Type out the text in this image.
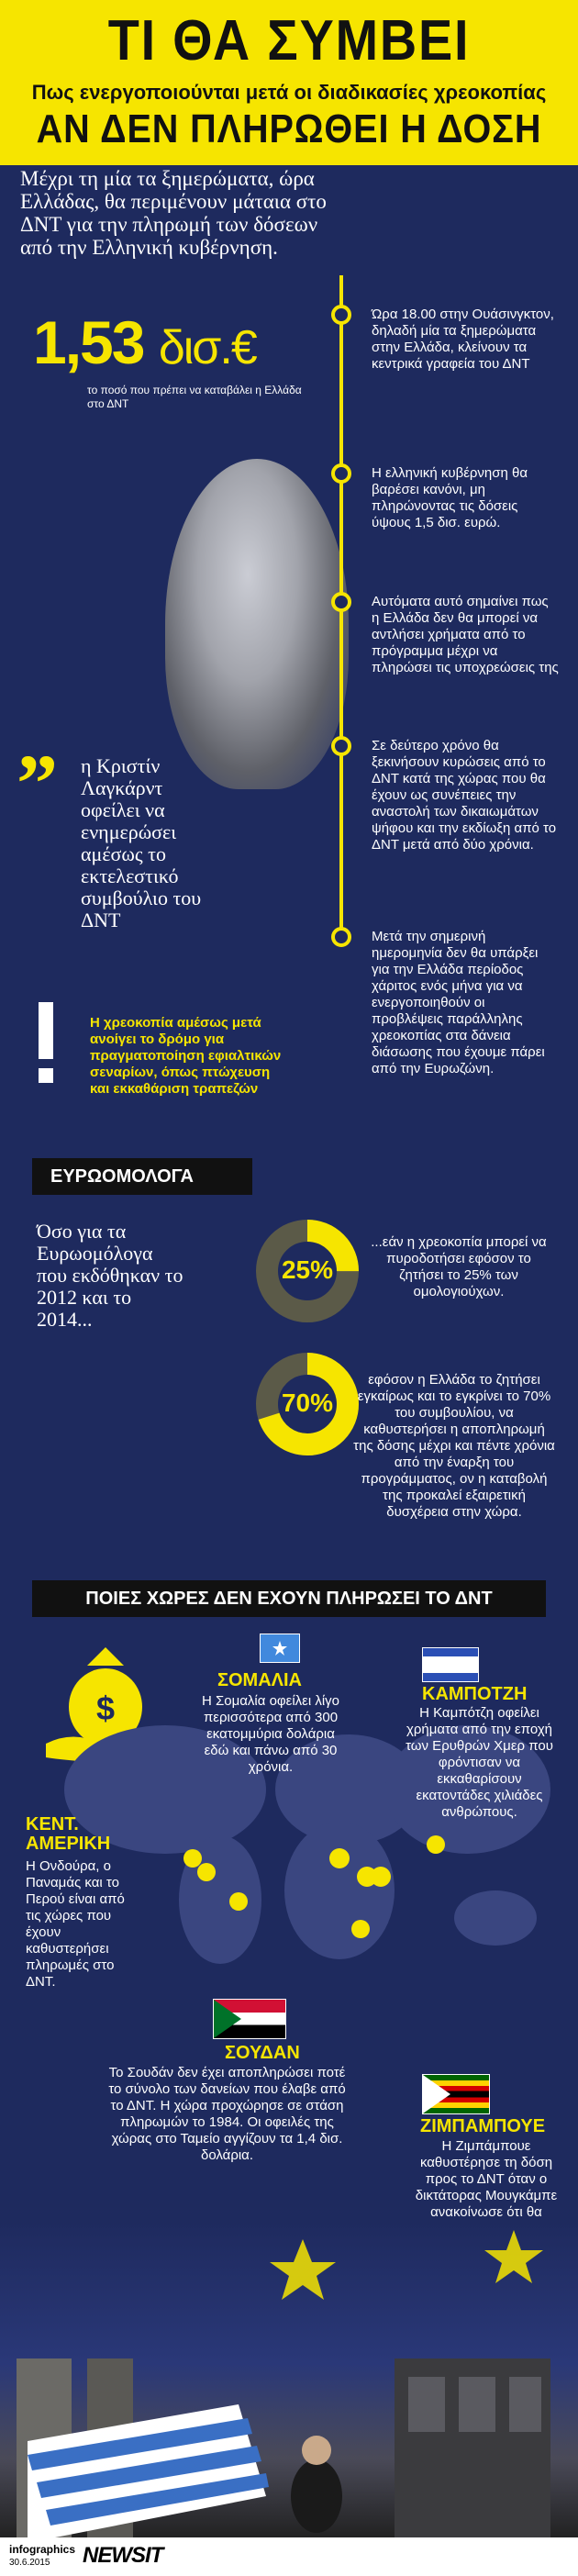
ΤΙ ΘΑ ΣΥΜΒΕΙ
Πως ενεργοποιούνται μετά οι διαδικασίες χρεοκοπίας
ΑΝ ΔΕΝ ΠΛΗΡΩΘΕΙ Η ΔΟΣΗ
Μέχρι τη μία τα ξημερώματα, ώρα Ελλάδας, θα περιμένουν μάταια στο ΔΝΤ για την πληρωμή των δόσεων από την Ελληνική κυβέρνηση.
1,53 δισ.€
το ποσό που πρέπει να καταβάλει η Ελλάδα στο ΔΝΤ
Ώρα 18.00 στην Ουάσινγκτον, δηλαδή μία τα ξημερώματα στην Ελλάδα, κλείνουν τα κεντρικά γραφεία του ΔΝΤ
Η ελληνική κυβέρνηση θα βαρέσει κανόνι, μη πληρώνοντας τις δόσεις ύψους 1,5 δισ. ευρώ.
Αυτόματα αυτό σημαίνει πως η Ελλάδα δεν θα μπορεί να αντλήσει χρήματα από το πρόγραμμα μέχρι να πληρώσει τις υποχρεώσεις της
Σε δεύτερο χρόνο θα ξεκινήσουν κυρώσεις από το ΔΝΤ κατά της χώρας που θα έχουν ως συνέπειες την αναστολή των δικαιωμάτων ψήφου και την εκδίωξη από το ΔΝΤ μετά από δύο χρόνια.
Μετά την σημερινή ημερομηνία δεν θα υπάρξει για την Ελλάδα περίοδος χάριτος ενός μήνα για να ενεργοποιηθούν οι προβλέψεις παράλληλης χρεοκοπίας στα δάνεια διάσωσης που έχουμε πάρει από την Ευρωζώνη.
” η Κριστίν Λαγκάρντ οφείλει να ενημερώσει αμέσως το εκτελεστικό συμβούλιο του ΔΝΤ
Η χρεοκοπία αμέσως μετά ανοίγει το δρόμο για πραγματοποίηση εφιαλτικών σεναρίων, όπως πτώχευση και εκκαθάριση τραπεζών
ΕΥΡΩΟΜΟΛΟΓΑ
Όσο για τα Ευρωομόλογα που εκδόθηκαν το 2012 και το 2014...
25%
...εάν η χρεοκοπία μπορεί να πυροδοτήσει εφόσον το ζητήσει το 25% των ομολογιούχων.
70%
εφόσον η Ελλάδα το ζητήσει εγκαίρως και το εγκρίνει το 70% του συμβουλίου, να καθυστερήσει η αποπληρωμή της δόσης μέχρι και πέντε χρόνια από την έναρξη του προγράμματος, ον η καταβολή της προκαλεί εξαιρετική δυσχέρεια στην χώρα.
ΠΟΙΕΣ ΧΩΡΕΣ ΔΕΝ ΕΧΟΥΝ ΠΛΗΡΩΣΕΙ ΤΟ ΔΝΤ
$
ΣΟΜΑΛΙΑ
Η Σομαλία οφείλει λίγο περισσότερα από 300 εκατομμύρια δολάρια εδώ και πάνω από 30 χρόνια.
ΚΑΜΠΟΤΖΗ
Η Καμπότζη οφείλει χρήματα από την εποχή των Ερυθρών Χμερ που φρόντισαν να εκκαθαρίσουν εκατοντάδες χιλιάδες ανθρώπους.
ΚΕΝΤ. ΑΜΕΡΙΚΗ
Η Ονδούρα, ο Παναμάς και το Περού είναι από τις χώρες που έχουν καθυστερήσει πληρωμές στο ΔΝΤ.
ΣΟΥΔΑΝ
Το Σουδάν δεν έχει αποπληρώσει ποτέ το σύνολο των δανείων που έλαβε από το ΔΝΤ. Η χώρα προχώρησε σε στάση πληρωμών το 1984. Οι οφειλές της χώρας στο Ταμείο αγγίζουν τα 1,4 δισ. δολάρια.
ΖΙΜΠΑΜΠΟΥΕ
Η Ζιμπάμπουε καθυστέρησε τη δόση προς το ΔΝΤ όταν ο δικτάτορας Μουγκάμπε ανακοίνωσε ότι θα
infographics
30.6.2015 NEWSIT
